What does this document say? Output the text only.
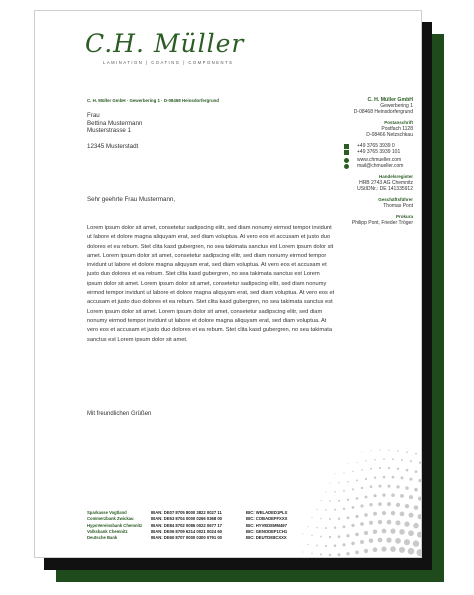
C.H. Müller
LAMINATION | COATING | COMPONENTS
C. H. Müller GmbH · Gewerbering 1 · D-08468 Heinsdorfergrund
Frau
Bettina Mustermann
Musterstrasse 1
12345 Musterstadt
C. H. Müller GmbH
Gewerbering 1
D-08468 Heinsdorfergrund
Postanschrift
Postfach 1128
D-08466 Netzschkau
+49 3765 3939 0
+49 3765 3939 101
www.chmueller.com
mail@chmueller.com
Handelsregister
HRB 2743 AG Chemnitz
UStIDNr.: DE 141335912
Geschäftsführer
Thomas Pont
Prokura
Philipp Pont, Frieder Tröger
Sehr geehrte Frau Mustermann,
Lorem ipsum dolor sit amet, consetetur sadipscing elitr, sed diam nonumy eirmod tempor invidunt ut labore et dolore magna aliquyam erat, sed diam voluptua. At vero eos et accusam et justo duo dolores et ea rebum. Stet clita kasd gubergren, no sea takimata sanctus est Lorem ipsum dolor sit amet. Lorem ipsum dolor sit amet, consetetur sadipscing elitr, sed diam nonumy eirmod tempor invidunt ut labore et dolore magna aliquyam erat, sed diam voluptua. At vero eos et accusam et justo duo dolores et ea rebum. Stet clita kasd gubergren, no sea takimata sanctus est Lorem ipsum dolor sit amet. Lorem ipsum dolor sit amet, consetetur sadipscing elitr, sed diam nonumy eirmod tempor invidunt ut labore et dolore magna aliquyam erat, sed diam voluptua. At vero eos et accusam et justo duo dolores et ea rebum. Stet clita kasd gubergren, no sea takimata sanctus est Lorem ipsum dolor sit amet. Lorem ipsum dolor sit amet, consetetur sadipscing elitr, sed diam nonumy eirmod tempor invidunt ut labore et dolore magna aliquyam erat, sed diam voluptua. At vero eos et accusam et justo duo dolores et ea rebum. Stet clita kasd gubergren, no sea takimata sanctus est Lorem ipsum dolor sit amet.
Mit freundlichen Grüßen
Sparkasse Vogtland	IBAN: DE07 8705 8000 3822 0027 11	BIC: WELADED1PLX
Commerzbank Zwickau	IBAN: DE53 8704 0000 0266 0368 00	BIC: COBADEFFXXX
HypoVereinsbank Chemnitz	IBAN: DE84 8702 0086 0022 0677 17	BIC: HYVEDEMM497
Volksbank Chemnitz	IBAN: DE06 8709 6214 0021 0024 60	BIC: GENODEF1CH1
Deutsche Bank	IBAN: DE60 8707 0000 0300 0791 00	BIC: DEUTDE8CXXX
